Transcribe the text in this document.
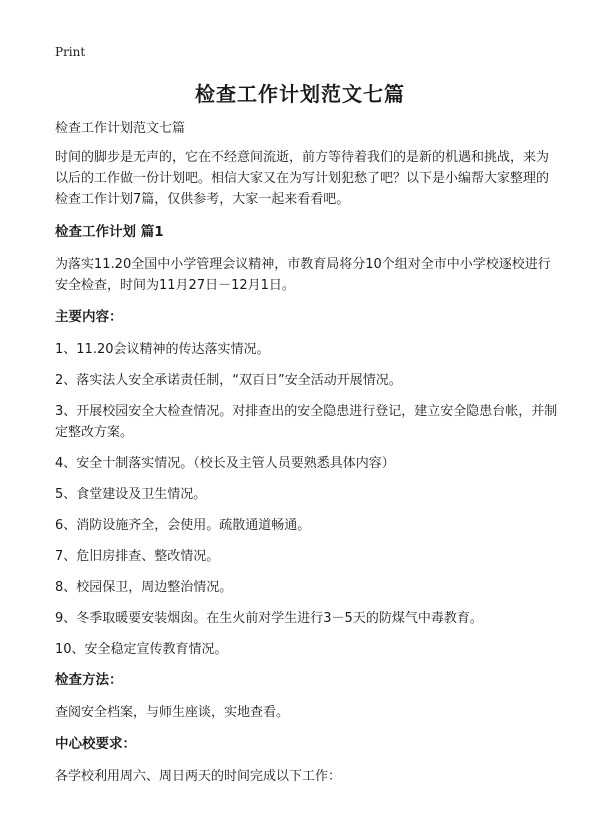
Print
检查工作计划范文七篇

检查工作计划范文七篇

时间的脚步是无声的，它在不经意间流逝，前方等待着我们的是新的机遇和挑战，来为以后的工作做一份计划吧。相信大家又在为写计划犯愁了吧？以下是小编帮大家整理的检查工作计划7篇，仅供参考，大家一起来看看吧。

检查工作计划 篇1

为落实11.20全国中小学管理会议精神，市教育局将分10个组对全市中小学校逐校进行安全检查，时间为11月27日－12月1日。

主要内容：

1、11.20会议精神的传达落实情况。

2、落实法人安全承诺责任制，“双百日”安全活动开展情况。

3、开展校园安全大检查情况。对排查出的安全隐患进行登记，建立安全隐患台帐，并制定整改方案。

4、安全十制落实情况。（校长及主管人员要熟悉具体内容）

5、食堂建设及卫生情况。

6、消防设施齐全，会使用。疏散通道畅通。

7、危旧房排查、整改情况。

8、校园保卫，周边整治情况。

9、冬季取暖要安装烟囱。在生火前对学生进行3－5天的防煤气中毒教育。

10、安全稳定宣传教育情况。

检查方法：

查阅安全档案，与师生座谈，实地查看。

中心校要求：

各学校利用周六、周日两天的时间完成以下工作：
